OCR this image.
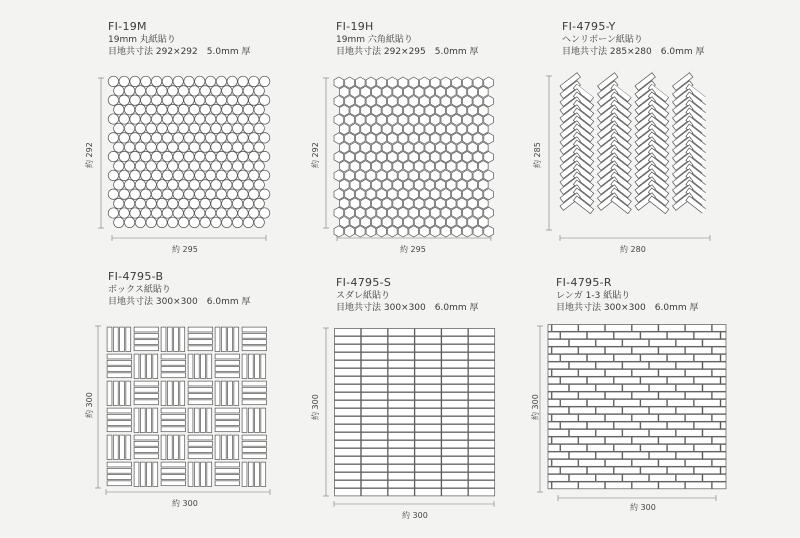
FI-19M

19mm 丸紙貼り

目地共寸法 292×292　5.0mm 厚

約 292
約 295

FI-19H

19mm 六角紙貼り

目地共寸法 292×295　5.0mm 厚

約 292
約 295

FI-4795-Y

ヘンリボーン紙貼り

目地共寸法 285×280　6.0mm 厚

約 285
約 280

FI-4795-B

ボックス紙貼り

目地共寸法 300×300　6.0mm 厚

約 300
約 300

FI-4795-S

スダレ紙貼り

目地共寸法 300×300　6.0mm 厚

約 300
約 300

FI-4795-R

レンガ 1-3 紙貼り

目地共寸法 300×300　6.0mm 厚

約 300
約 300
